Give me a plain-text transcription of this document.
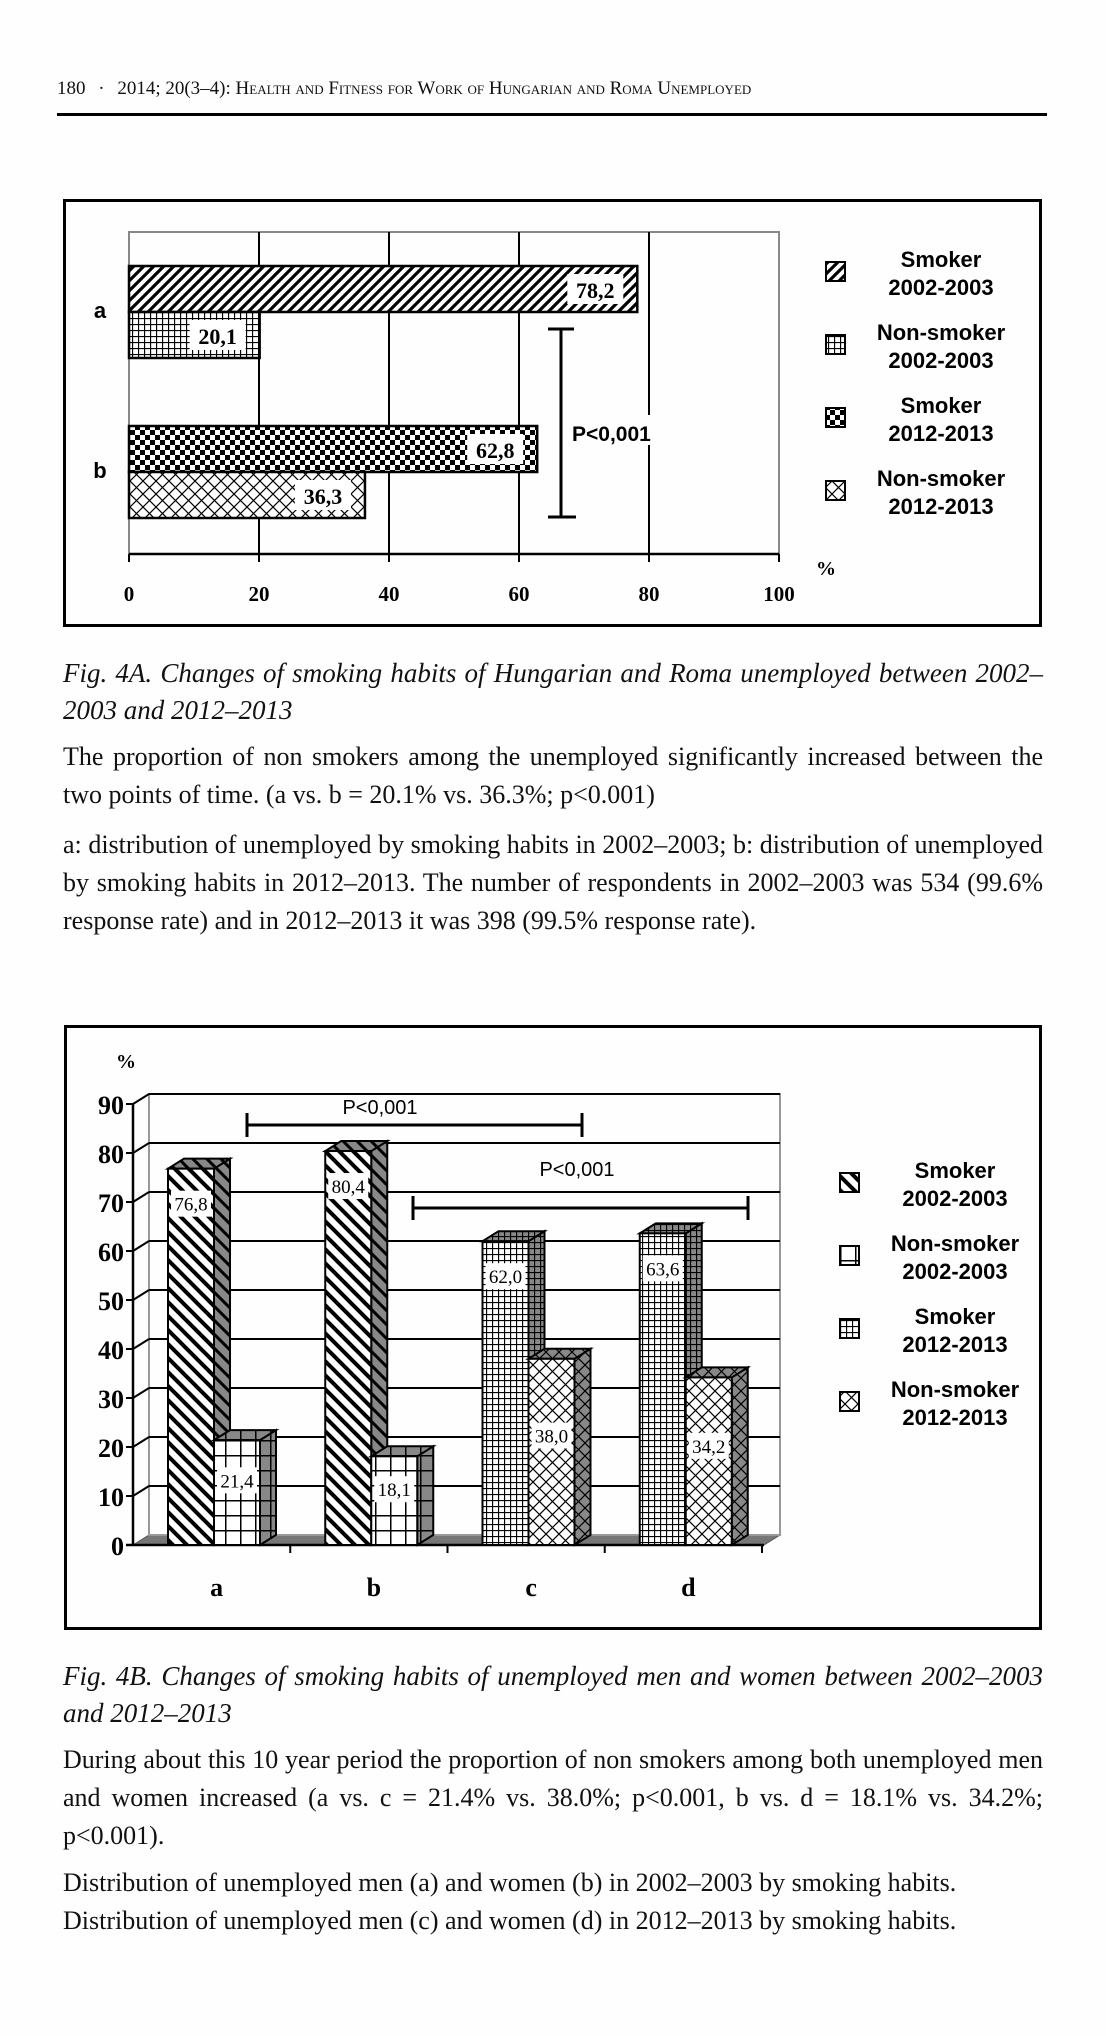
180 · 2014; 20(3–4): Health and Fitness for Work of Hungarian and Roma Unemployed
0	20	40	60	80	100
%
78,2
20,1
62,8
36,3
a
b
P<0,001
Smoker
2002-2003
Non-smoker
2002-2003
Smoker
2012-2013
Non-smoker
2012-2013
Fig. 4A. Changes of smoking habits of Hungarian and Roma unemployed between 2002–2003 and 2012–2013
The proportion of non smokers among the unemployed significantly increased between the two points of time. (a vs. b = 20.1% vs. 36.3%; p<0.001)
a: distribution of unemployed by smoking habits in 2002–2003; b: distribution of unemployed by smoking habits in 2012–2013. The number of respondents in 2002–2003 was 534 (99.6% response rate) and in 2012–2013 it was 398 (99.5% response rate).
0
10
20
30
40
50
60
70
80
90
%
a	b	c	d
76,8
21,4
80,4
18,1
62,0
38,0
63,6
34,2
P<0,001
P<0,001	Smoker
2002-2003
Non-smoker
2002-2003
Smoker
2012-2013
Non-smoker
2012-2013
Fig. 4B. Changes of smoking habits of unemployed men and women between 2002–2003 and 2012–2013
During about this 10 year period the proportion of non smokers among both unemployed men and women increased (a vs. c = 21.4% vs. 38.0%; p<0.001, b vs. d = 18.1% vs. 34.2%; p<0.001).
Distribution of unemployed men (a) and women (b) in 2002–2003 by smoking habits.
Distribution of unemployed men (c) and women (d) in 2012–2013 by smoking habits.
